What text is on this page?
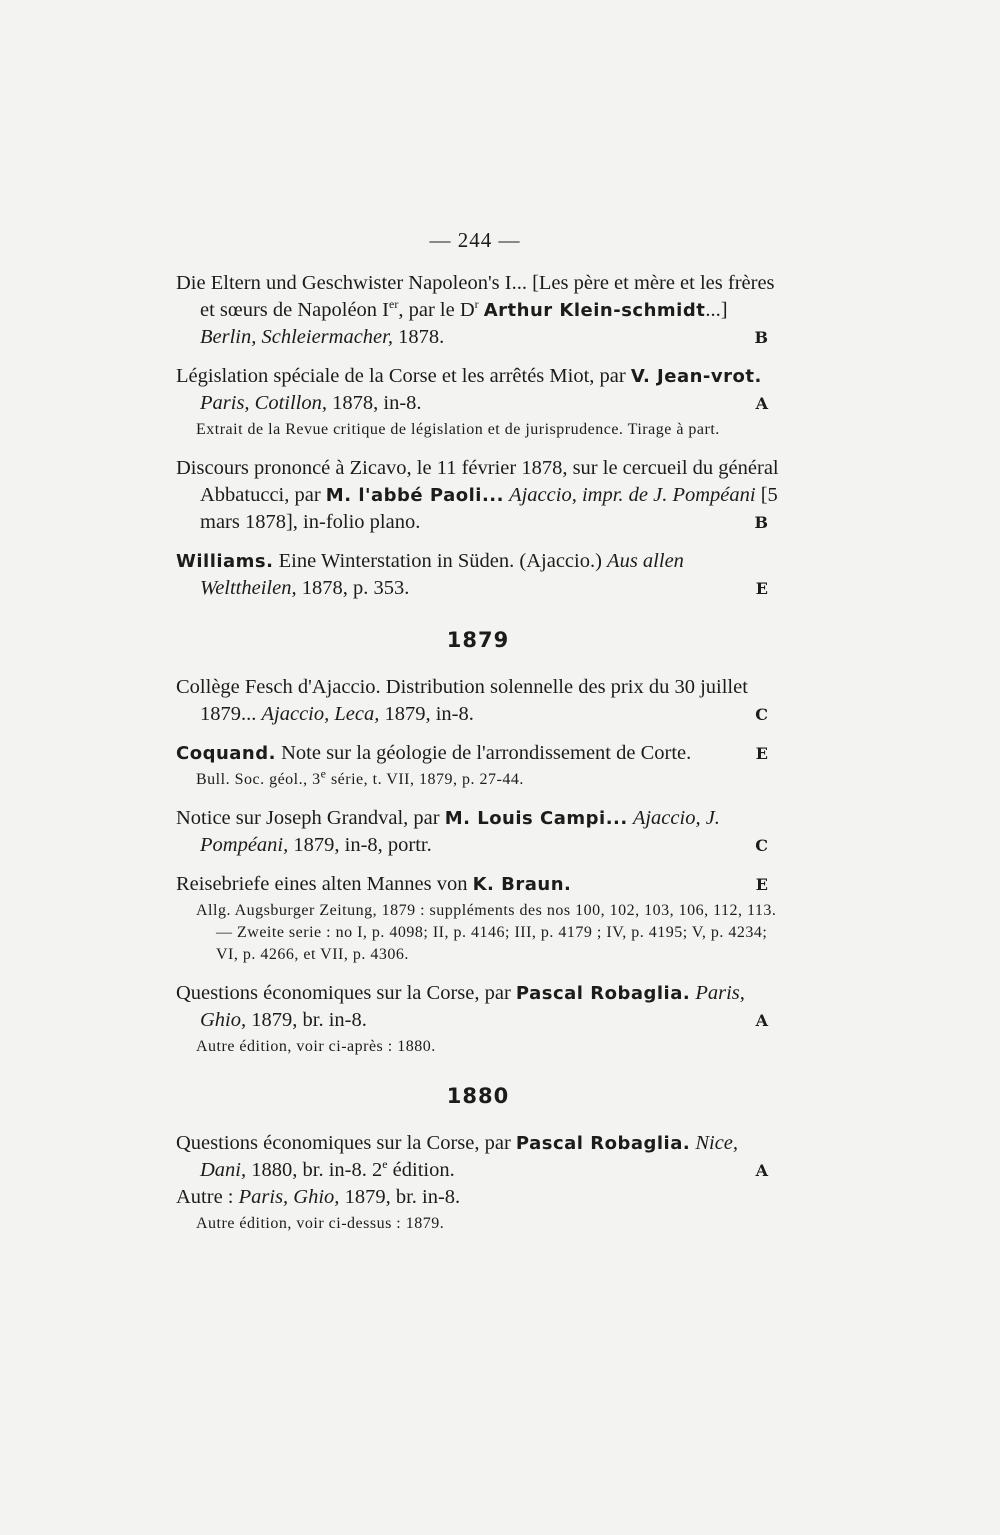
— 244 —

Die Eltern und Geschwister Napoleon's I... [Les père et mère et les frères et sœurs de Napoléon Ier, par le $D^r$ Arthur Klein-schmidt...] Berlin, Schleiermacher, 1878.	B

Législation spéciale de la Corse et les arrêtés Miot, par V. Jean-vrot. Paris, Cotillon, 1878, in-8.	A
Extrait de la Revue critique de législation et de jurisprudence. Tirage à part.

Discours prononcé à Zicavo, le 11 février 1878, sur le cercueil du général Abbatucci, par M. l'abbé Paoli... Ajaccio, impr. de J. Pompéani [5 mars 1878], in-folio plano.	B

Williams. Eine Winterstation in Süden. (Ajaccio.) Aus allen Welttheilen, 1878, p. 353.	E
1879

Collège Fesch d'Ajaccio. Distribution solennelle des prix du 30 juillet 1879... Ajaccio, Leca, 1879, in-8.	C

Coquand. Note sur la géologie de l'arrondissement de Corte.	E
Bull. Soc. géol., 3e série, t. VII, 1879, p. 27-44.

Notice sur Joseph Grandval, par M. Louis Campi... Ajaccio, J. Pompéani, 1879, in-8, portr.	C

Reisebriefe eines alten Mannes von K. Braun.	E
Allg. Augsburger Zeitung, 1879 : suppléments des nos 100, 102, 103, 106, 112, 113. — Zweite serie : no I, p. 4098; II, p. 4146; III, p. 4179 ; IV, p. 4195; V, p. 4234; VI, p. 4266, et VII, p. 4306.

Questions économiques sur la Corse, par Pascal Robaglia. Paris, Ghio, 1879, br. in-8.	A
Autre édition, voir ci-après : 1880.
1880

Questions économiques sur la Corse, par Pascal Robaglia. Nice, Dani, 1880, br. in-8. 2e édition.	A

Autre : Paris, Ghio, 1879, br. in-8.

Autre édition, voir ci-dessus : 1879.
